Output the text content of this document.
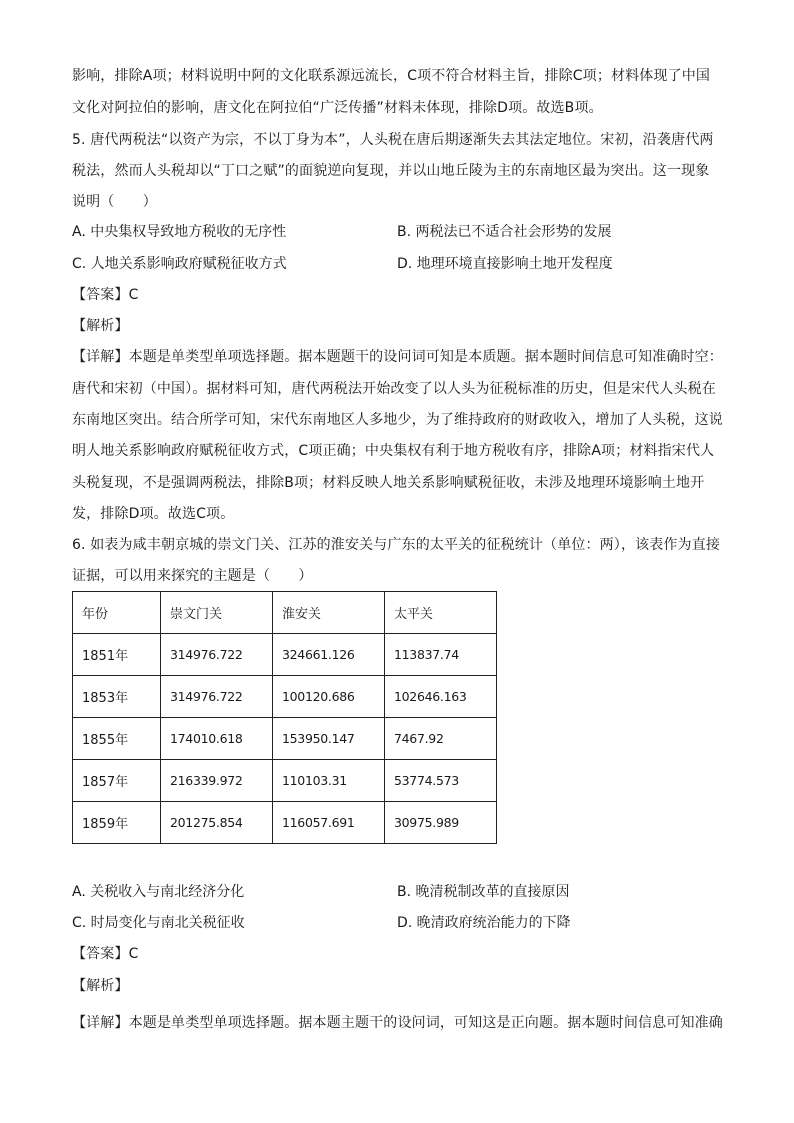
影响，排除A项；材料说明中阿的文化联系源远流长，C项不符合材料主旨，排除C项；材料体现了中国
文化对阿拉伯的影响，唐文化在阿拉伯“广泛传播”材料未体现，排除D项。故选B项。
5. 唐代两税法“以资产为宗，不以丁身为本”，人头税在唐后期逐渐失去其法定地位。宋初，沿袭唐代两
税法，然而人头税却以“丁口之赋”的面貌逆向复现，并以山地丘陵为主的东南地区最为突出。这一现象
说明（　　）
A. 中央集权导致地方税收的无序性	B. 两税法已不适合社会形势的发展
C. 人地关系影响政府赋税征收方式	D. 地理环境直接影响土地开发程度
【答案】C
【解析】
【详解】本题是单类型单项选择题。据本题题干的设问词可知是本质题。据本题时间信息可知准确时空：
唐代和宋初（中国）。据材料可知，唐代两税法开始改变了以人头为征税标准的历史，但是宋代人头税在
东南地区突出。结合所学可知，宋代东南地区人多地少，为了维持政府的财政收入，增加了人头税，这说
明人地关系影响政府赋税征收方式，C项正确；中央集权有利于地方税收有序，排除A项；材料指宋代人
头税复现，不是强调两税法，排除B项；材料反映人地关系影响赋税征收，未涉及地理环境影响土地开
发，排除D项。故选C项。
6. 如表为咸丰朝京城的崇文门关、江苏的淮安关与广东的太平关的征税统计（单位：两），该表作为直接
证据，可以用来探究的主题是（　　）
年份	崇文门关	淮安关	太平关
1851年	314976.722	324661.126	113837.74
1853年	314976.722	100120.686	102646.163
1855年	174010.618	153950.147	7467.92
1857年	216339.972	110103.31	53774.573
1859年	201275.854	116057.691	30975.989
A. 关税收入与南北经济分化	B. 晚清税制改革的直接原因
C. 时局变化与南北关税征收	D. 晚清政府统治能力的下降
【答案】C
【解析】
【详解】本题是单类型单项选择题。据本题主题干的设问词，可知这是正向题。据本题时间信息可知准确
